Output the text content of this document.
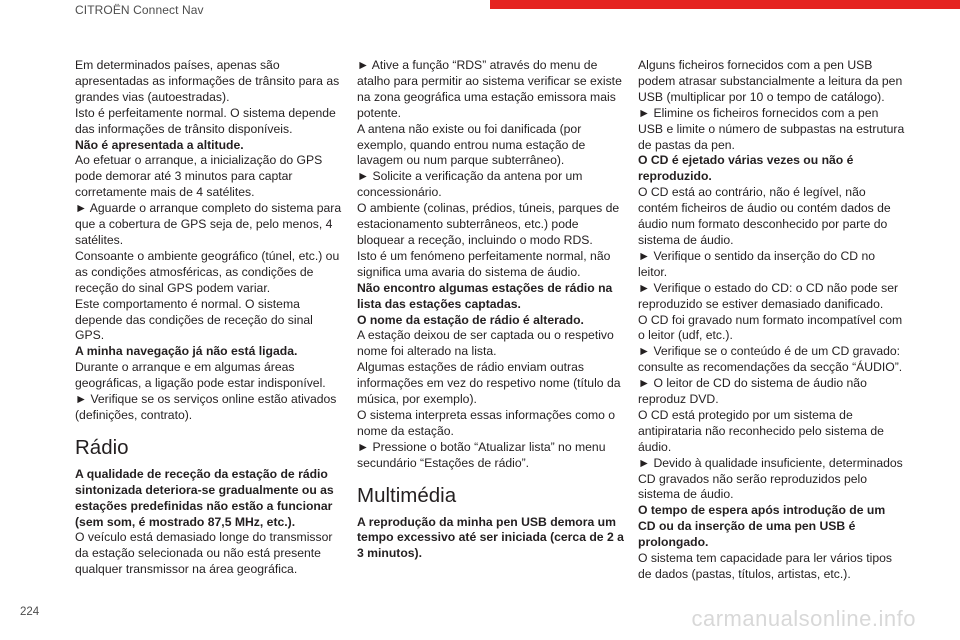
CITROËN Connect Nav

Em determinados países, apenas são apresentadas as informações de trânsito para as grandes vias (autoestradas).

Isto é perfeitamente normal. O sistema depende das informações de trânsito disponíveis.

Não é apresentada a altitude.

Ao efetuar o arranque, a inicialização do GPS pode demorar até 3 minutos para captar corretamente mais de 4 satélites.

► Aguarde o arranque completo do sistema para que a cobertura de GPS seja de, pelo menos, 4 satélites.

Consoante o ambiente geográfico (túnel, etc.) ou as condições atmosféricas, as condições de receção do sinal GPS podem variar.

Este comportamento é normal. O sistema depende das condições de receção do sinal GPS.

A minha navegação já não está ligada.

Durante o arranque e em algumas áreas geográficas, a ligação pode estar indisponível.

► Verifique se os serviços online estão ativados (definições, contrato).

Rádio

A qualidade de receção da estação de rádio sintonizada deteriora-se gradualmente ou as estações predefinidas não estão a funcionar (sem som, é mostrado 87,5 MHz, etc.).

O veículo está demasiado longe do transmissor da estação selecionada ou não está presente qualquer transmissor na área geográfica.

► Ative a função “RDS” através do menu de atalho para permitir ao sistema verificar se existe na zona geográfica uma estação emissora mais potente.

A antena não existe ou foi danificada (por exemplo, quando entrou numa estação de lavagem ou num parque subterrâneo).

► Solicite a verificação da antena por um concessionário.

O ambiente (colinas, prédios, túneis, parques de estacionamento subterrâneos, etc.) pode bloquear a receção, incluindo o modo RDS.

Isto é um fenómeno perfeitamente normal, não significa uma avaria do sistema de áudio.

Não encontro algumas estações de rádio na lista das estações captadas.

O nome da estação de rádio é alterado.

A estação deixou de ser captada ou o respetivo nome foi alterado na lista.

Algumas estações de rádio enviam outras informações em vez do respetivo nome (título da música, por exemplo).

O sistema interpreta essas informações como o nome da estação.

► Pressione o botão “Atualizar lista” no menu secundário “Estações de rádio”.

Multimédia

A reprodução da minha pen USB demora um tempo excessivo até ser iniciada (cerca de 2 a 3 minutos).

Alguns ficheiros fornecidos com a pen USB podem atrasar substancialmente a leitura da pen USB (multiplicar por 10 o tempo de catálogo).

► Elimine os ficheiros fornecidos com a pen USB e limite o número de subpastas na estrutura de pastas da pen.

O CD é ejetado várias vezes ou não é reproduzido.

O CD está ao contrário, não é legível, não contém ficheiros de áudio ou contém dados de áudio num formato desconhecido por parte do sistema de áudio.

► Verifique o sentido da inserção do CD no leitor.

► Verifique o estado do CD: o CD não pode ser reproduzido se estiver demasiado danificado.

O CD foi gravado num formato incompatível com o leitor (udf, etc.).

► Verifique se o conteúdo é de um CD gravado: consulte as recomendações da secção “ÁUDIO”.

► O leitor de CD do sistema de áudio não reproduz DVD.

O CD está protegido por um sistema de antipirataria não reconhecido pelo sistema de áudio.

► Devido à qualidade insuficiente, determinados CD gravados não serão reproduzidos pelo sistema de áudio.

O tempo de espera após introdução de um CD ou da inserção de uma pen USB é prolongado.

O sistema tem capacidade para ler vários tipos de dados (pastas, títulos, artistas, etc.).

224	carmanualsonline.info
